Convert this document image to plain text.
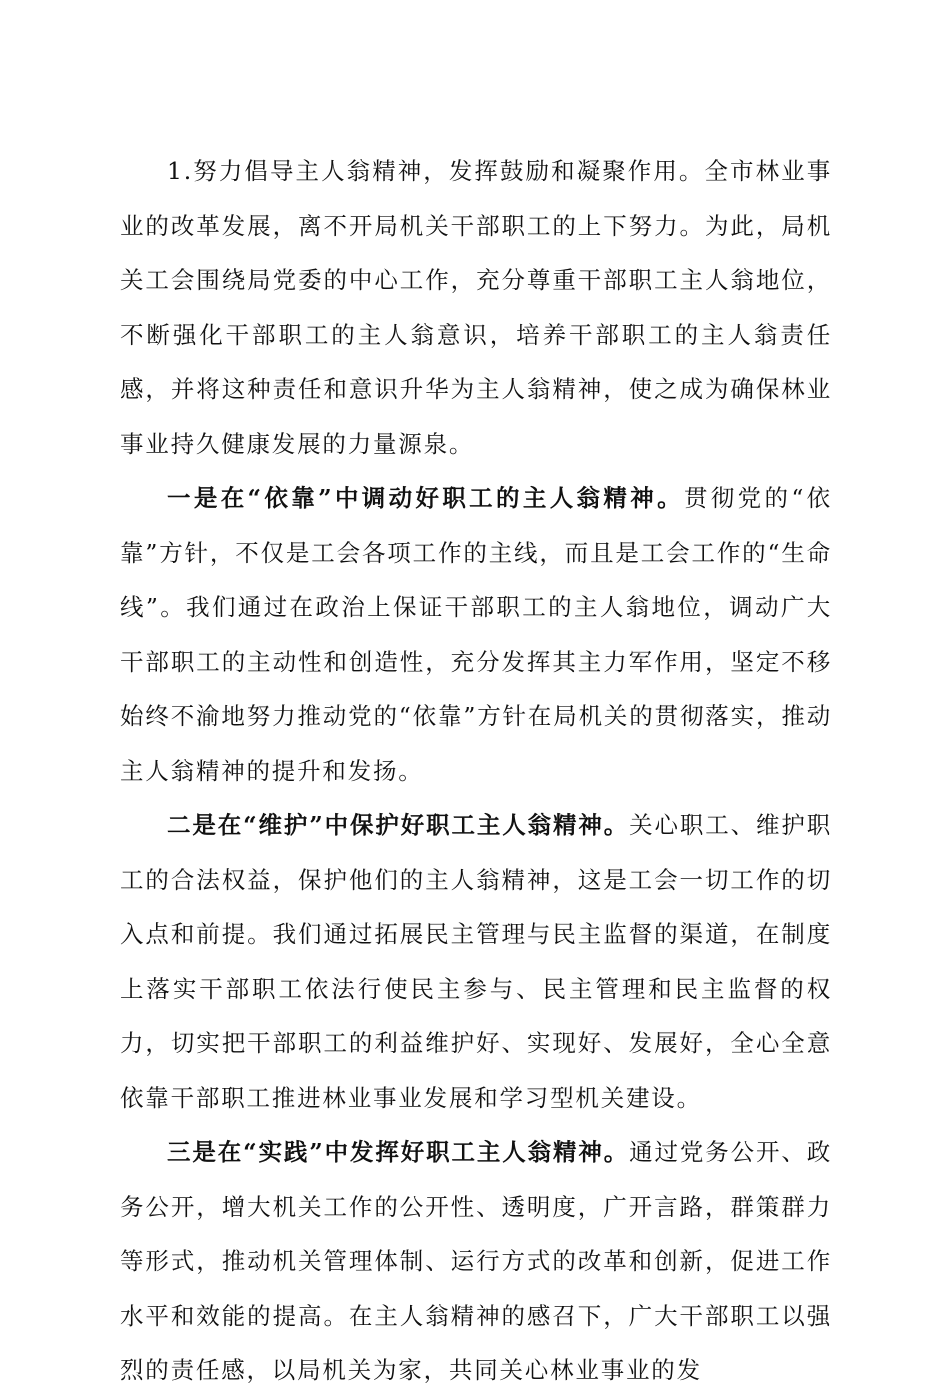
1.努力倡导主人翁精神，发挥鼓励和凝聚作用。全市林业事业的改革发展，离不开局机关干部职工的上下努力。为此，局机关工会围绕局党委的中心工作，充分尊重干部职工主人翁地位，不断强化干部职工的主人翁意识，培养干部职工的主人翁责任感，并将这种责任和意识升华为主人翁精神，使之成为确保林业事业持久健康发展的力量源泉。

一是在“依靠”中调动好职工的主人翁精神。贯彻党的“依靠”方针，不仅是工会各项工作的主线，而且是工会工作的“生命线”。我们通过在政治上保证干部职工的主人翁地位，调动广大干部职工的主动性和创造性，充分发挥其主力军作用，坚定不移始终不渝地努力推动党的“依靠”方针在局机关的贯彻落实，推动主人翁精神的提升和发扬。

二是在“维护”中保护好职工主人翁精神。关心职工、维护职工的合法权益，保护他们的主人翁精神，这是工会一切工作的切入点和前提。我们通过拓展民主管理与民主监督的渠道，在制度上落实干部职工依法行使民主参与、民主管理和民主监督的权力，切实把干部职工的利益维护好、实现好、发展好，全心全意依靠干部职工推进林业事业发展和学习型机关建设。

三是在“实践”中发挥好职工主人翁精神。通过党务公开、政务公开，增大机关工作的公开性、透明度，广开言路，群策群力等形式，推动机关管理体制、运行方式的改革和创新，促进工作水平和效能的提高。在主人翁精神的感召下，广大干部职工以强烈的责任感，以局机关为家，共同关心林业事业的发
